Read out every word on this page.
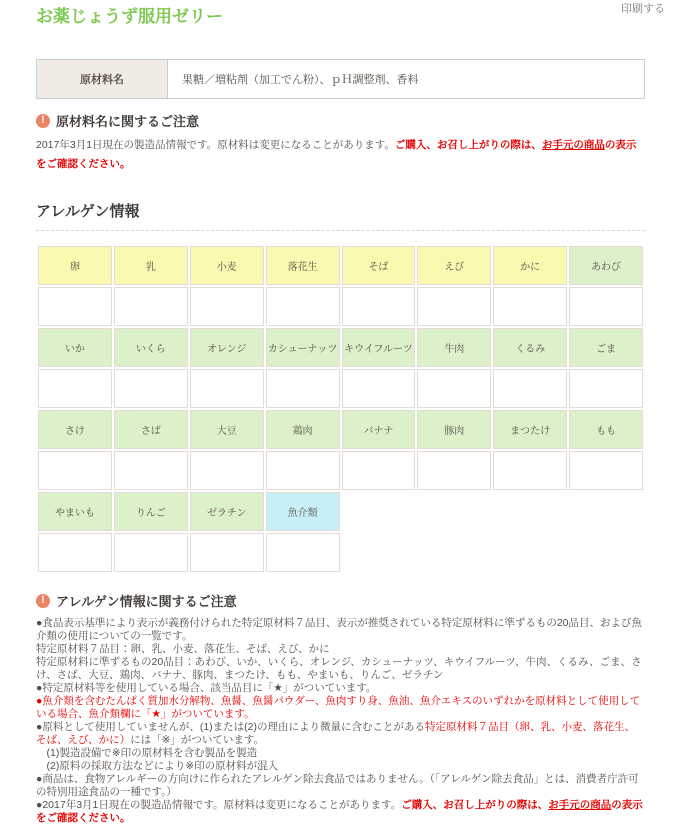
印刷する
お薬じょうず服用ゼリー
原材料名	果糖／増粘剤（加工でん粉）、ｐＨ調整剤、香料
! 原材料名に関するご注意

2017年3月1日現在の製造品情報です。原材料は変更になることがあります。ご購入、お召し上がりの際は、お手元の商品の表示をご確認ください。

アレルゲン情報
卵	乳	小麦	落花生	そば	えび	かに	あわび

いか	いくら	オレンジ	カシューナッツ	キウイフルーツ	牛肉	くるみ	ごま

さけ	さば	大豆	鶏肉	バナナ	豚肉	まつたけ	もも

やまいも	りんご	ゼラチン	魚介類				

! アレルゲン情報に関するご注意
●食品表示基準により表示が義務付けられた特定原材料７品目、表示が推奨されている特定原材料に準ずるもの20品目、および魚介類の使用についての一覧です。
特定原材料７品目：卵、乳、小麦、落花生、そば、えび、かに
特定原材料に準ずるもの20品目：あわび、いか、いくら、オレンジ、カシューナッツ、キウイフルーツ、牛肉、くるみ、ごま、さけ、さば、大豆、鶏肉、バナナ、豚肉、まつたけ、もも、やまいも、りんご、ゼラチン
●特定原材料等を使用している場合、該当品目に「★」がついています。
●魚介類を含むたんぱく質加水分解物、魚醤、魚醤パウダー、魚肉すり身、魚油、魚介エキスのいずれかを原材料として使用している場合、魚介類欄に「★」がついています。
●原料として使用していませんが、(1)または(2)の理由により微量に含むことがある特定原材料７品目（卵、乳、小麦、落花生、そば、えび、かに）には「※」がついています。
　(1)製造設備で※印の原材料を含む製品を製造
　(2)原料の採取方法などにより※印の原材料が混入
●商品は、食物アレルギーの方向けに作られたアレルゲン除去食品ではありません。（「アレルゲン除去食品」とは、消費者庁許可の特別用途食品の一種です。）
●2017年3月1日現在の製造品情報です。原材料は変更になることがあります。ご購入、お召し上がりの際は、お手元の商品の表示をご確認ください。
